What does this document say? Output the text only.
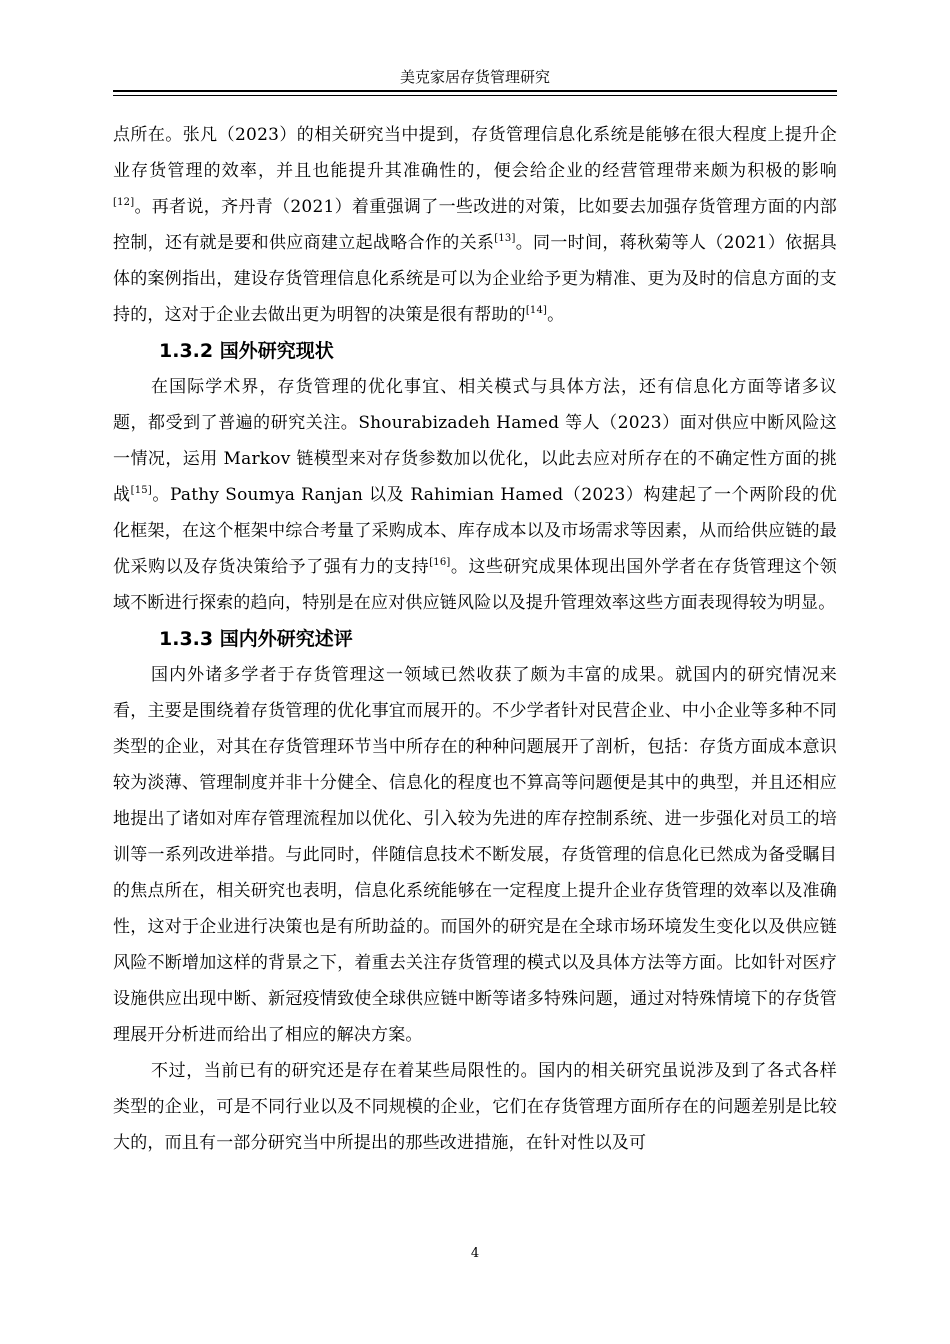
美克家居存货管理研究

点所在。张凡（2023）的相关研究当中提到，存货管理信息化系统是能够在很大程度上提升企业存货管理的效率，并且也能提升其准确性的，便会给企业的经营管理带来颇为积极的影响[12]。再者说，齐丹青（2021）着重强调了一些改进的对策，比如要去加强存货管理方面的内部控制，还有就是要和供应商建立起战略合作的关系[13]。同一时间，蒋秋菊等人（2021）依据具体的案例指出，建设存货管理信息化系统是可以为企业给予更为精准、更为及时的信息方面的支持的，这对于企业去做出更为明智的决策是很有帮助的[14]。

1.3.2 国外研究现状

在国际学术界，存货管理的优化事宜、相关模式与具体方法，还有信息化方面等诸多议题，都受到了普遍的研究关注。Shourabizadeh Hamed 等人（2023）面对供应中断风险这一情况，运用 Markov 链模型来对存货参数加以优化，以此去应对所存在的不确定性方面的挑战[15]。Pathy Soumya Ranjan 以及 Rahimian Hamed（2023）构建起了一个两阶段的优化框架，在这个框架中综合考量了采购成本、库存成本以及市场需求等因素，从而给供应链的最优采购以及存货决策给予了强有力的支持[16]。这些研究成果体现出国外学者在存货管理这个领域不断进行探索的趋向，特别是在应对供应链风险以及提升管理效率这些方面表现得较为明显。

1.3.3 国内外研究述评

国内外诸多学者于存货管理这一领域已然收获了颇为丰富的成果。就国内的研究情况来看，主要是围绕着存货管理的优化事宜而展开的。不少学者针对民营企业、中小企业等多种不同类型的企业，对其在存货管理环节当中所存在的种种问题展开了剖析，包括：存货方面成本意识较为淡薄、管理制度并非十分健全、信息化的程度也不算高等问题便是其中的典型，并且还相应地提出了诸如对库存管理流程加以优化、引入较为先进的库存控制系统、进一步强化对员工的培训等一系列改进举措。与此同时，伴随信息技术不断发展，存货管理的信息化已然成为备受瞩目的焦点所在，相关研究也表明，信息化系统能够在一定程度上提升企业存货管理的效率以及准确性，这对于企业进行决策也是有所助益的。而国外的研究是在全球市场环境发生变化以及供应链风险不断增加这样的背景之下，着重去关注存货管理的模式以及具体方法等方面。比如针对医疗设施供应出现中断、新冠疫情致使全球供应链中断等诸多特殊问题，通过对特殊情境下的存货管理展开分析进而给出了相应的解决方案。

不过，当前已有的研究还是存在着某些局限性的。国内的相关研究虽说涉及到了各式各样类型的企业，可是不同行业以及不同规模的企业，它们在存货管理方面所存在的问题差别是比较大的，而且有一部分研究当中所提出的那些改进措施，在针对性以及可

4
